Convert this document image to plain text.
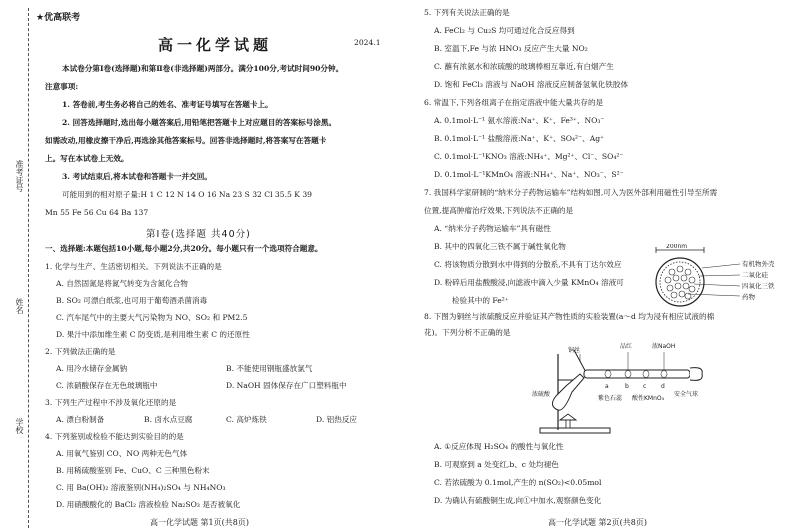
准考证号
姓名
学校
★优高联考
高一化学试题	2024.1
本试卷分第Ⅰ卷(选择题)和第Ⅱ卷(非选择题)两部分。满分100分,考试时间90分钟。
注意事项:
1. 答卷前,考生务必将自己的姓名、准考证号填写在答题卡上。
2. 回答选择题时,选出每小题答案后,用铅笔把答题卡上对应题目的答案标号涂黑。
如需改动,用橡皮擦干净后,再选涂其他答案标号。回答非选择题时,将答案写在答题卡
上。写在本试卷上无效。
3. 考试结束后,将本试卷和答题卡一并交回。
可能用到的相对原子量:H 1 C 12 N 14 O 16 Na 23 S 32 Cl 35.5 K 39
Mn 55 Fe 56 Cu 64 Ba 137
第Ⅰ卷(选择题 共40分)
一、选择题:本题包括10小题,每小题2分,共20分。每小题只有一个选项符合题意。
1. 化学与生产、生活密切相关。下列说法不正确的是
A. 自然固氮是将氮气转变为含氮化合物
B. SO₂ 可漂白纸浆,也可用于葡萄酒杀菌消毒
C. 汽车尾气中的主要大气污染物为 NO、SO₂ 和 PM2.5
D. 果汁中添加维生素 C 防变质,是利用维生素 C 的还原性
2. 下列做法正确的是
A. 用冷水储存金属钠	B. 不能使用钢瓶盛放氯气
C. 浓硝酸保存在无色玻璃瓶中	D. NaOH 固体保存在广口塑料瓶中
3. 下列生产过程中不涉及氧化还原的是
A. 漂白粉制备	B. 卤水点豆腐	C. 高炉炼铁	D. 铝热反应
4. 下列鉴别或检验不能达到实验目的的是
A. 用氧气鉴别 CO、NO 两种无色气体
B. 用稀硫酸鉴别 Fe、CuO、C 三种黑色粉末
C. 用 Ba(OH)₂ 溶液鉴别(NH₄)₂SO₄ 与 NH₄NO₃
D. 用硝酸酸化的 BaCl₂ 溶液检验 Na₂SO₃ 是否被氧化
高一化学试题 第1页(共8页)
5. 下列有关说法正确的是
A. FeCl₂ 与 Cu₂S 均可通过化合反应得到
B. 室温下,Fe 与浓 HNO₃ 反应产生大量 NO₂
C. 蘸有浓氨水和浓硫酸的玻璃棒相互靠近,有白烟产生
D. 饱和 FeCl₃ 溶液与 NaOH 溶液反应制备氢氧化铁胶体
6. 常温下,下列各组离子在指定溶液中能大量共存的是
A. 0.1mol·L⁻¹ 氨水溶液:Na⁺、K⁺、Fe³⁺、NO₃⁻
B. 0.1mol·L⁻¹ 盐酸溶液:Na⁺、K⁺、SO₄²⁻、Ag⁺
C. 0.1mol·L⁻¹KNO₃ 溶液:NH₄⁺、Mg²⁺、Cl⁻、SO₄²⁻
D. 0.1mol·L⁻¹KMnO₄ 溶液:NH₄⁺、Na⁺、NO₃⁻、S²⁻
7. 我国科学家研制的“纳米分子药物运输车”结构如图,可入为医外部利用磁性引导至所需
位置,提高肿瘤治疗效果,下列说法不正确的是
A. “纳米分子药物运输车”具有磁性
B. 其中的四氧化三铁不属于碱性氧化物
C. 将该物质分散到水中得到的分散系,不具有丁达尔效应
D. 粉碎后用盐酸酸浸,向滤液中滴入少量 KMnO₄ 溶液可
检验其中的 Fe²⁺
200nm
有机物外壳
二氧化硅
四氧化三铁
药物
8. 下图为铜丝与浓硫酸反应并验证其产物性质的实验装置(a～d 均为浸有相应试液的棉
花)。下列分析不正确的是
铜丝
品红	浓NaOH
a	b c d
浓硫酸
紫色石蕊 酸性KMnO₄
安全气球
A. ①反应体现 H₂SO₄ 的酸性与氧化性
B. 可观察到 a 处变红,b、c 处均褪色
C. 若浓硫酸为 0.1mol,产生的 n(SO₂)<0.05mol
D. 为确认有硫酸铜生成,向①中加水,观察颜色变化
高一化学试题 第2页(共8页)
